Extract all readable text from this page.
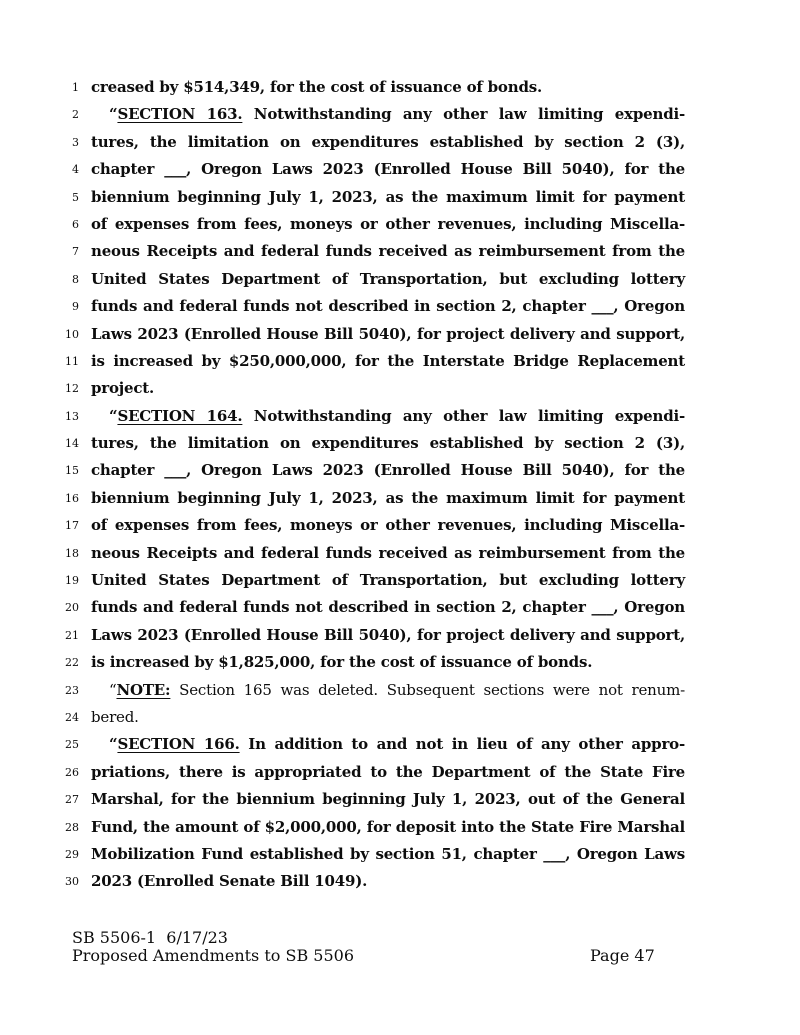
1 creased by $514,349, for the cost of issuance of bonds.
2	“SECTION 163. Notwithstanding any other law limiting expendi-
3 tures, the limitation on expenditures established by section 2 (3),
4 chapter ___, Oregon Laws 2023 (Enrolled House Bill 5040), for the
5 biennium beginning July 1, 2023, as the maximum limit for payment
6 of expenses from fees, moneys or other revenues, including Miscella-
7 neous Receipts and federal funds received as reimbursement from the
8 United States Department of Transportation, but excluding lottery
9 funds and federal funds not described in section 2, chapter ___, Oregon
10 Laws 2023 (Enrolled House Bill 5040), for project delivery and support,
11 is increased by $250,000,000, for the Interstate Bridge Replacement
12 project.
13	“SECTION 164. Notwithstanding any other law limiting expendi-
14 tures, the limitation on expenditures established by section 2 (3),
15 chapter ___, Oregon Laws 2023 (Enrolled House Bill 5040), for the
16 biennium beginning July 1, 2023, as the maximum limit for payment
17 of expenses from fees, moneys or other revenues, including Miscella-
18 neous Receipts and federal funds received as reimbursement from the
19 United States Department of Transportation, but excluding lottery
20 funds and federal funds not described in section 2, chapter ___, Oregon
21 Laws 2023 (Enrolled House Bill 5040), for project delivery and support,
22 is increased by $1,825,000, for the cost of issuance of bonds.
23	“NOTE: Section 165 was deleted. Subsequent sections were not renum-
24 bered.
25	“SECTION 166. In addition to and not in lieu of any other appro-
26 priations, there is appropriated to the Department of the State Fire
27 Marshal, for the biennium beginning July 1, 2023, out of the General
28 Fund, the amount of $2,000,000, for deposit into the State Fire Marshal
29 Mobilization Fund established by section 51, chapter ___, Oregon Laws
30 2023 (Enrolled Senate Bill 1049).
SB 5506-1  6/17/23
Proposed Amendments to SB 5506	Page 47
